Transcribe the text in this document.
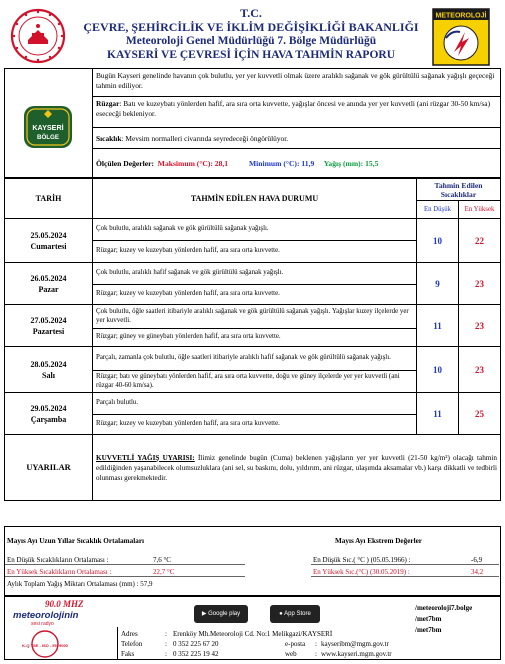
T.C.
ÇEVRE, ŞEHİRCİLİK VE İKLİM DEĞİŞİKLİĞİ BAKANLIĞI
Meteoroloji Genel Müdürlüğü 7. Bölge Müdürlüğü
KAYSERİ VE ÇEVRESİ İÇİN HAVA TAHMİN RAPORU
METEOROLOJİ
KAYSERİ
BÖLGE
Bugün Kayseri genelinde havanın çok bulutlu, yer yer kuvvetli olmak üzere aralıklı sağanak ve gök gürültülü sağanak yağışlı geçeceği tahmin ediliyor.
Rüzgar: Batı ve kuzeybatı yönlerden hafif, ara sıra orta kuvvette, yağışlar öncesi ve anında yer yer kuvvetli (ani rüzgar 30-50 km/sa) esececği bekleniyor.
Sıcaklık: Mevsim normalleri civarında seyredeceği öngörülüyor.
Ölçülen Değerler: Maksimum (°C): 28,1	Minimum (°C): 11,9 Yağış (mm): 15,5
TARİH	TAHMİN EDİLEN HAVA DURUMU	Tahmin Edilen Sıcaklıklar	
		En Düşük	En Yüksek

25.05.2024
Cumartesi	Çok bulutlu, aralıklı sağanak ve gök gürültülü sağanak yağışlı.	10	22
	Rüzgar; kuzey ve kuzeybatı yönlerden hafif, ara sıra orta kuvvette.		

26.05.2024
Pazar	Çok bulutlu, aralıklı hafif sağanak ve gök gürültülü sağanak yağışlı.	9	23
	Rüzgar; kuzey ve kuzeybatı yönlerden hafif, ara sıra orta kuvvette.		

27.05.2024
Pazartesi	Çok bulutlu, öğle saatleri itibariyle aralıklı sağanak ve gök gürültülü sağanak yağışlı. Yağışlar kuzey ilçelerde yer yer kuvvetli.	11	23
	Rüzgar; güney ve güneybatı yönlerden hafif, ara sıra orta kuvvette.		

28.05.2024
Salı	Parçalı, zamanla çok bulutlu, öğle saatleri itibariyle aralıklı hafif sağanak ve gök gürültülü sağanak yağışlı.	10	23
	Rüzgar; batı ve güneybatı yönlerden hafif, ara sıra orta kuvvette, doğu ve güney ilçelerde yer yer kuvvetli (ani rüzgar 40-60 km/sa).		

29.05.2024
Çarşamba	Parçalı bulutlu.	11	25
	Rüzgar; kuzey ve kuzeybatı yönlerden hafif, ara sıra orta kuvvette.		
UYARILAR	KUVVETLİ YAĞIŞ UYARISI: İlimiz genelinde bugün (Cuma) beklenen yağışların yer yer kuvvetli (21-50 kg/m²) olacağı tahmin edildiğinden yaşanabilecek olumsuzluklara (ani sel, su baskını, dolu, yıldırım, ani rüzgar, ulaşımda aksamalar vb.) karşı dikkatli ve tedbirli olunması gerekmektedir.		
Mayıs Ayı Uzun Yıllar Sıcaklık Ortalamaları	Mayıs Ayı Ekstrem Değerler
En Düşük Sıcaklıkların Ortalaması :	7,6 °C
En Yüksek Sıcaklıkların Ortalaması :	22,7 °C
Aylık Toplam Yağış Miktarı Ortalaması (mm) : 57,9
En Düşük Sıc.( °C ) (05.05.1966) :	-6,9
En Yüksek Sıc.(°C) (30.05.2019) :	34,2
90.0 MHZ
meteorolojinin
sesi radyo
K-Q TSE - ISO - EN 9000
▶ Google play	● App Store
/meteoroloji7.bolge
/met7bm
/met7bm
Adres	: Erenköy Mh.Meteoroloji Cd. No:1 Melikgazi/KAYSERİ
Telefon	: 0 352 225 67 20	e-posta : kayseribm@mgm.gov.tr
Faks	: 0 352 225 19 42	web	: www.kayseri.mgm.gov.tr
